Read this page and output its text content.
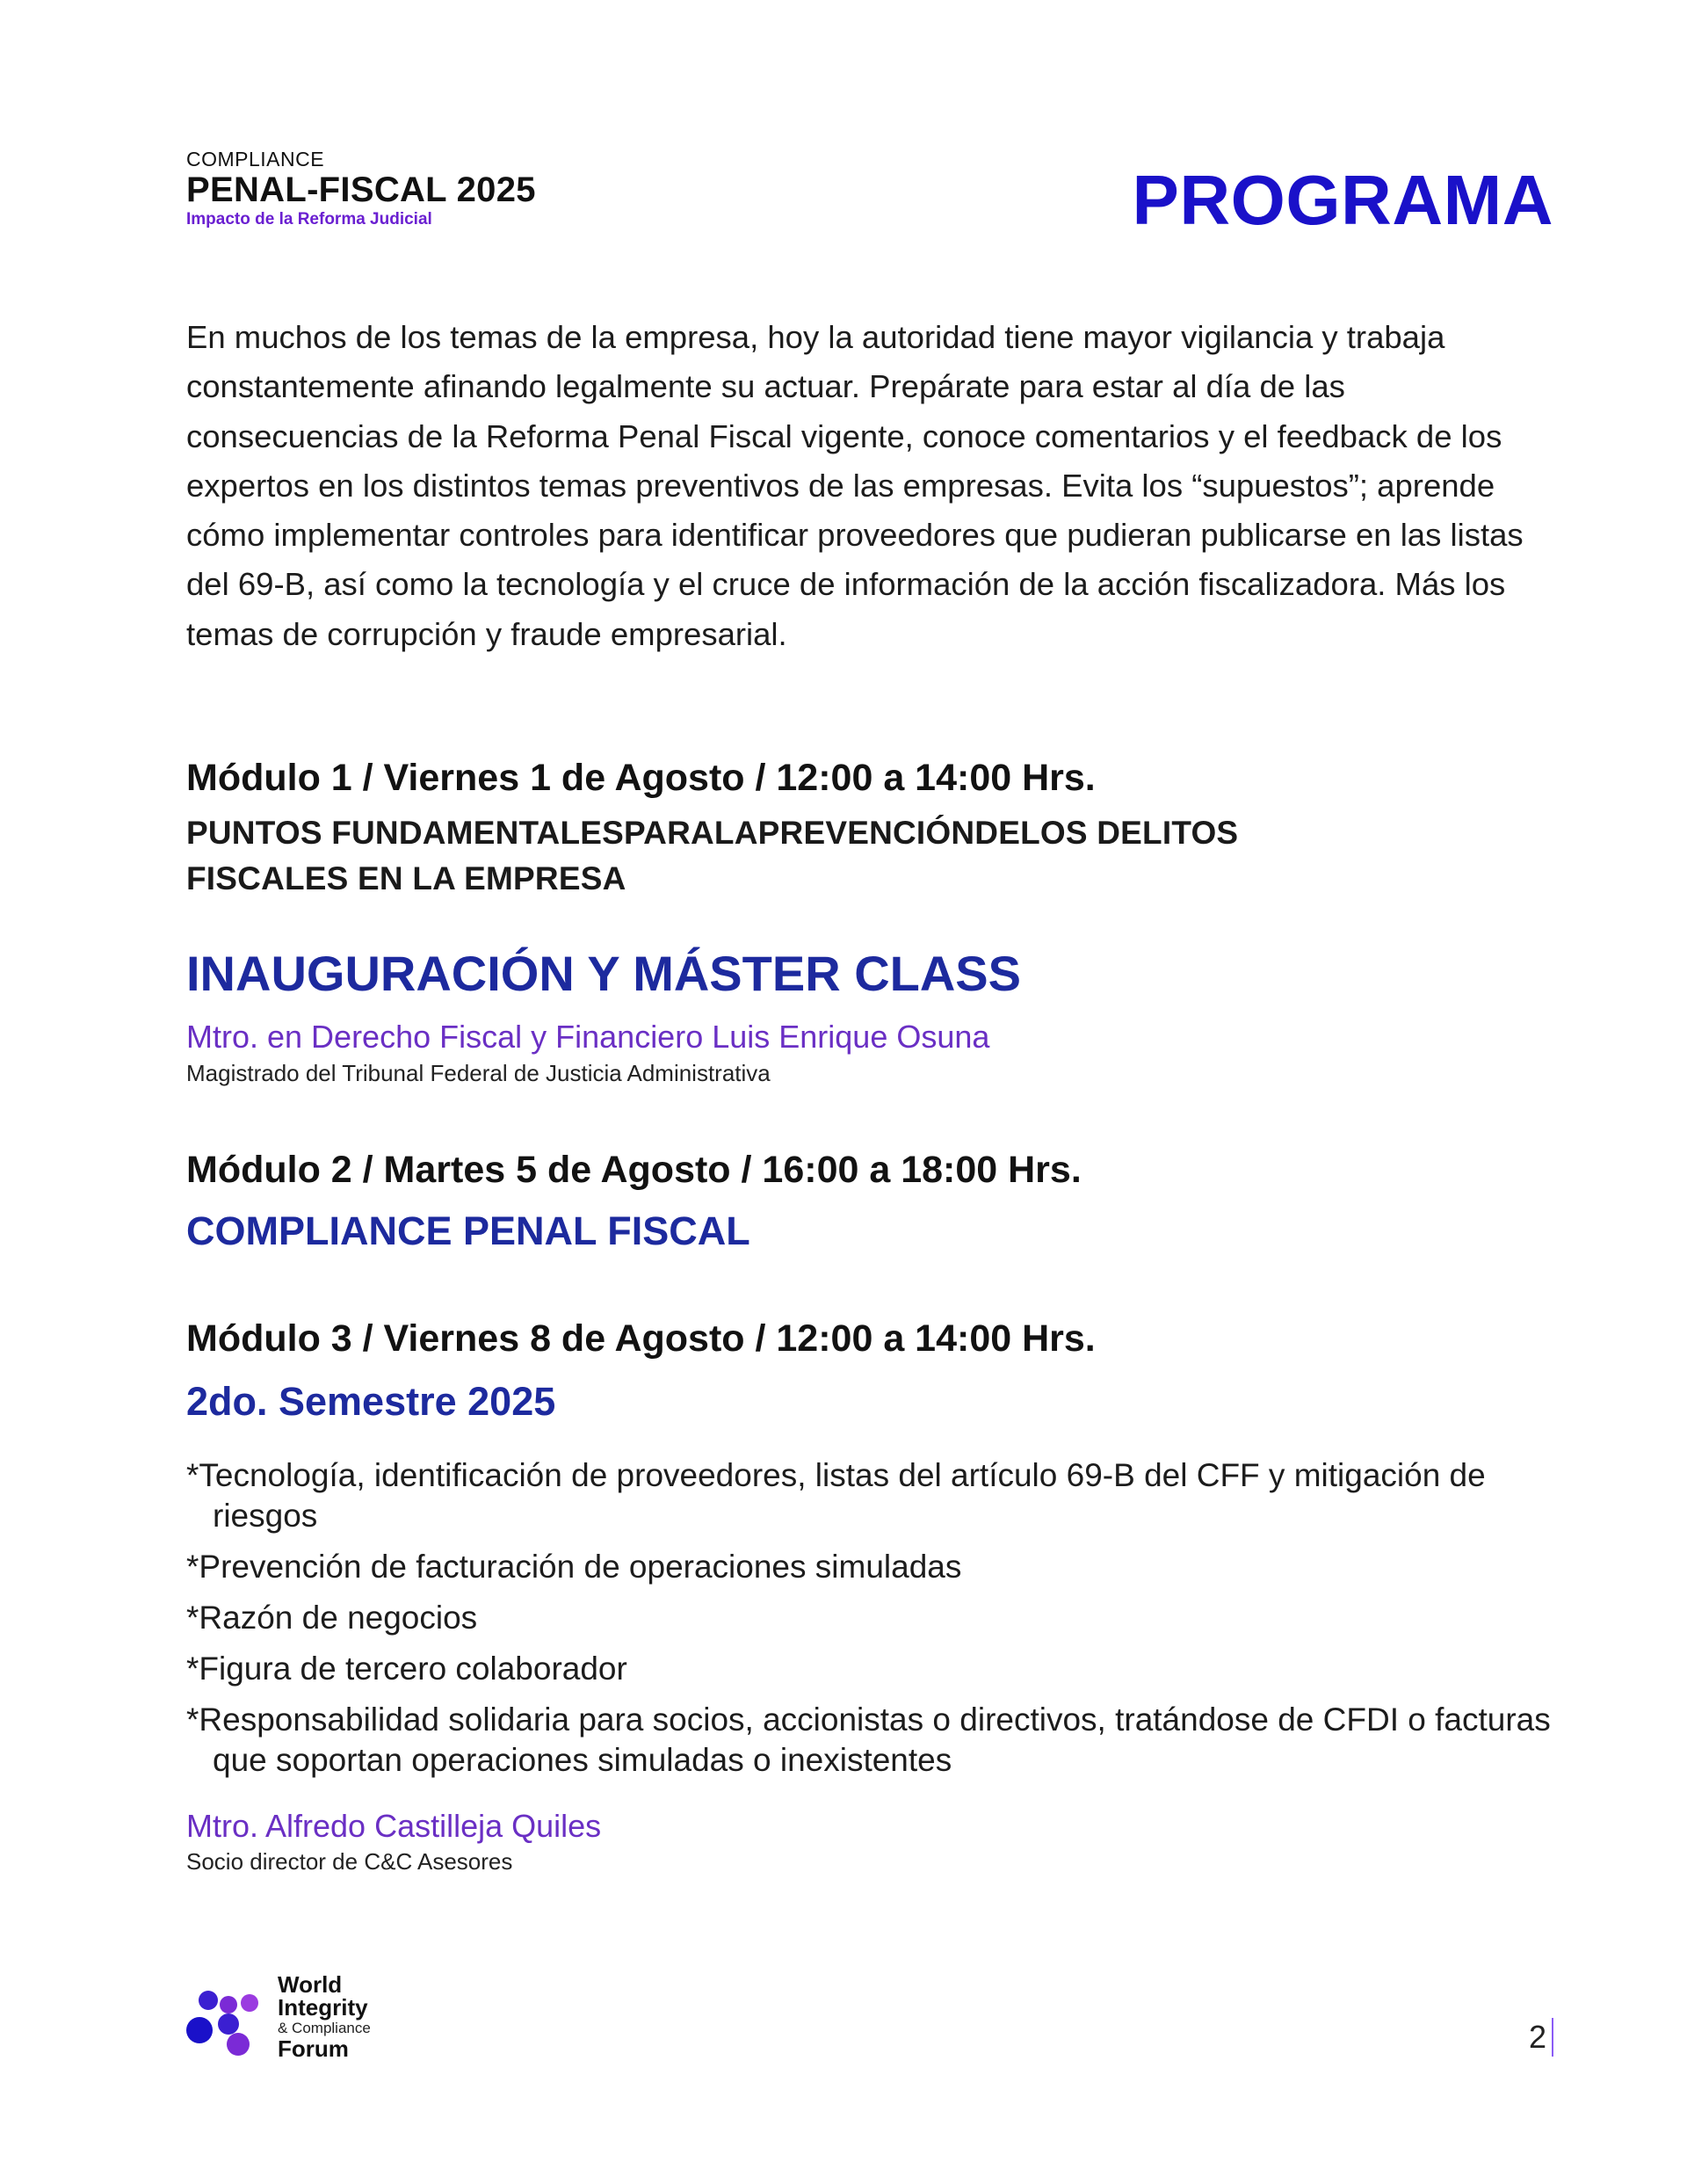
COMPLIANCE
PENAL-FISCAL 2025
Impacto de la Reforma Judicial	PROGRAMA
En muchos de los temas de la empresa, hoy la autoridad tiene mayor vigilancia y trabaja constantemente afinando legalmente su actuar. Prepárate para estar al día de las consecuencias de la Reforma Penal Fiscal vigente, conoce comentarios y el feedback de los expertos en los distintos temas preventivos de las empresas. Evita los “supuestos”; aprende cómo implementar controles para identificar proveedores que pudieran publicarse en las listas del 69-B, así como la tecnología y el cruce de información de la acción fiscalizadora. Más los temas de corrupción y fraude empresarial.
Módulo 1 / Viernes 1 de Agosto / 12:00 a 14:00 Hrs.
PUNTOS FUNDAMENTALESPARALAPREVENCIÓNDELOS DELITOS
FISCALES EN LA EMPRESA
INAUGURACIÓN Y MÁSTER CLASS
Mtro. en Derecho Fiscal y Financiero Luis Enrique Osuna
Magistrado del Tribunal Federal de Justicia Administrativa
Módulo 2 / Martes 5 de Agosto / 16:00 a 18:00 Hrs.
COMPLIANCE PENAL FISCAL
Módulo 3 / Viernes 8 de Agosto / 12:00 a 14:00 Hrs.
2do. Semestre 2025
*Tecnología, identificación de proveedores, listas del artículo 69-B del CFF y mitigación de riesgos
*Prevención de facturación de operaciones simuladas
*Razón de negocios
*Figura de tercero colaborador
*Responsabilidad solidaria para socios, accionistas o directivos, tratándose de CFDI o facturas que soportan operaciones simuladas o inexistentes
Mtro. Alfredo Castilleja Quiles
Socio director de C&C Asesores
World
Integrity
& Compliance
Forum	2
